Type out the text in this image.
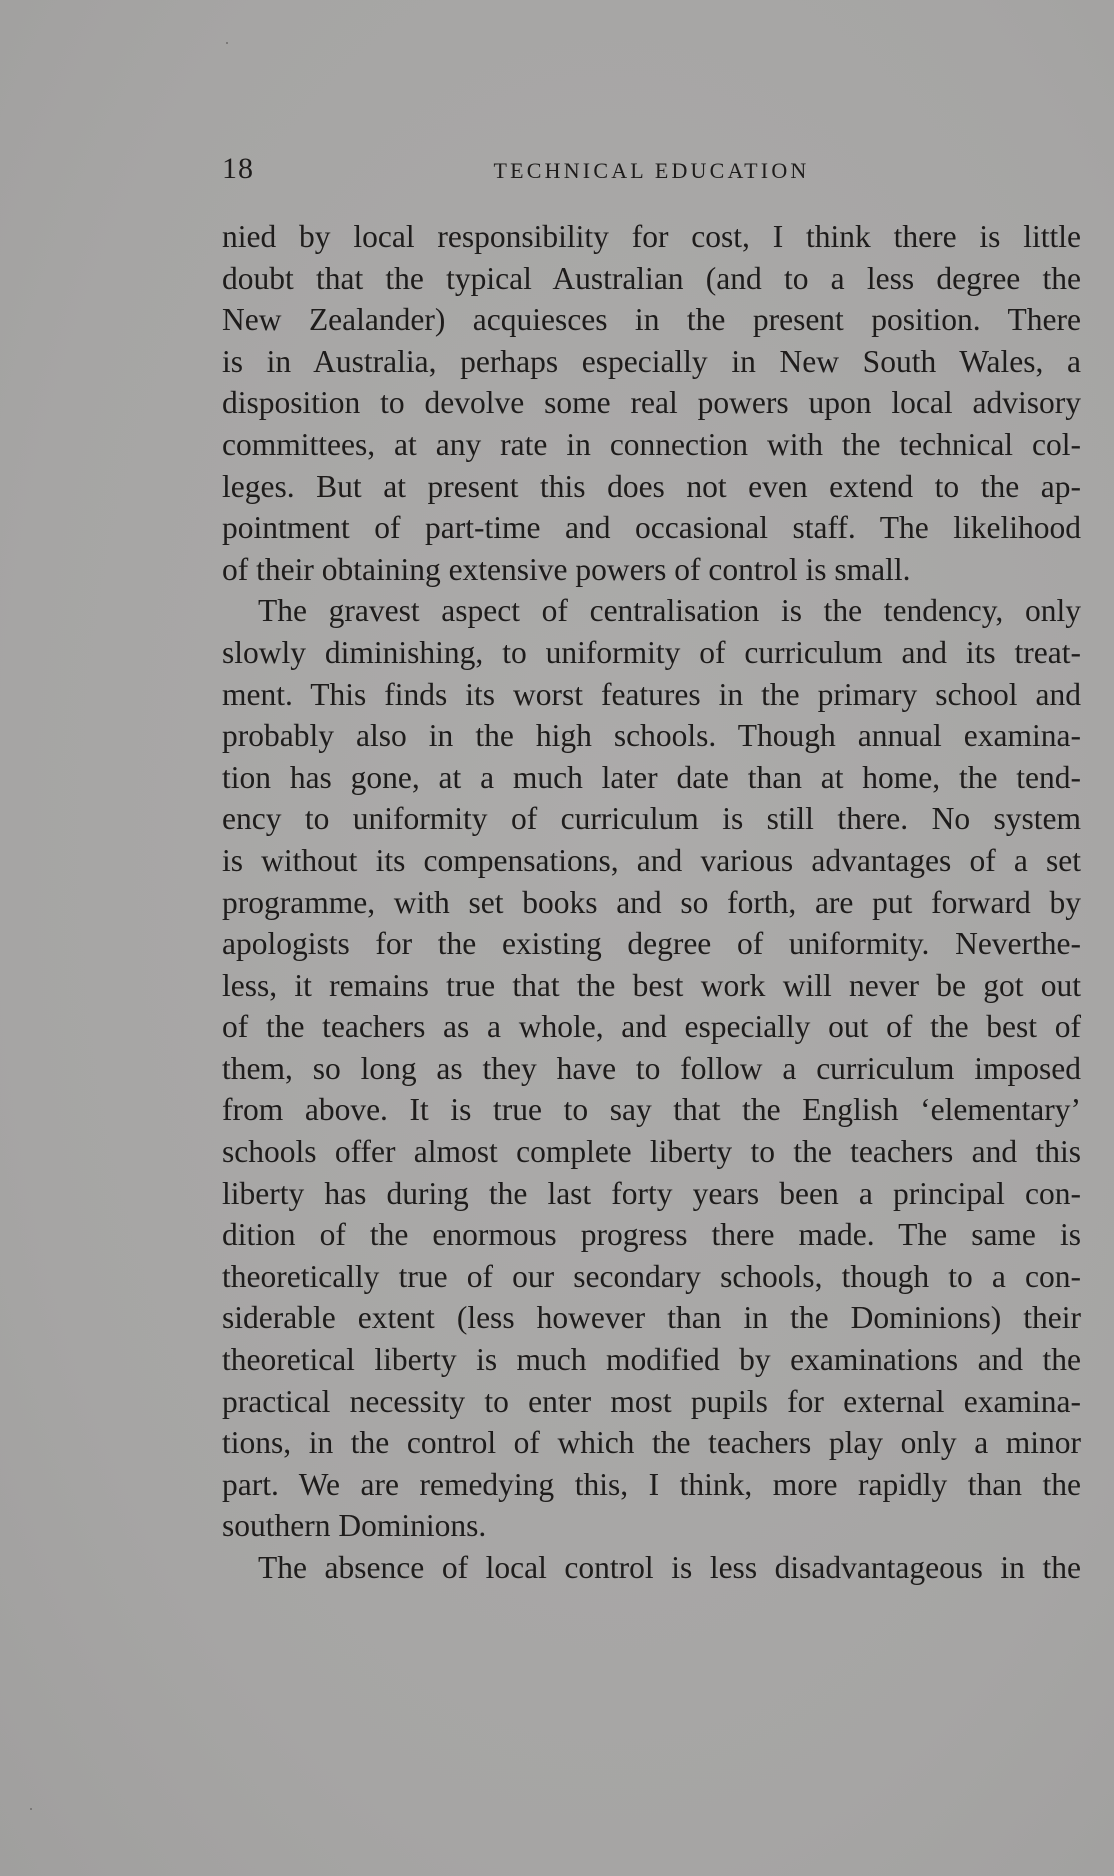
18	TECHNICAL EDUCATION
nied by local responsibility for cost, I think there is little
doubt that the typical Australian (and to a less degree the
New Zealander) acquiesces in the present position. There
is in Australia, perhaps especially in New South Wales, a
disposition to devolve some real powers upon local advisory
committees, at any rate in connection with the technical col-
leges. But at present this does not even extend to the ap-
pointment of part-time and occasional staff. The likelihood
of their obtaining extensive powers of control is small.
The gravest aspect of centralisation is the tendency, only
slowly diminishing, to uniformity of curriculum and its treat-
ment. This finds its worst features in the primary school and
probably also in the high schools. Though annual examina-
tion has gone, at a much later date than at home, the tend-
ency to uniformity of curriculum is still there. No system
is without its compensations, and various advantages of a set
programme, with set books and so forth, are put forward by
apologists for the existing degree of uniformity. Neverthe-
less, it remains true that the best work will never be got out
of the teachers as a whole, and especially out of the best of
them, so long as they have to follow a curriculum imposed
from above. It is true to say that the English ‘elementary’
schools offer almost complete liberty to the teachers and this
liberty has during the last forty years been a principal con-
dition of the enormous progress there made. The same is
theoretically true of our secondary schools, though to a con-
siderable extent (less however than in the Dominions) their
theoretical liberty is much modified by examinations and the
practical necessity to enter most pupils for external examina-
tions, in the control of which the teachers play only a minor
part. We are remedying this, I think, more rapidly than the
southern Dominions.
The absence of local control is less disadvantageous in the
